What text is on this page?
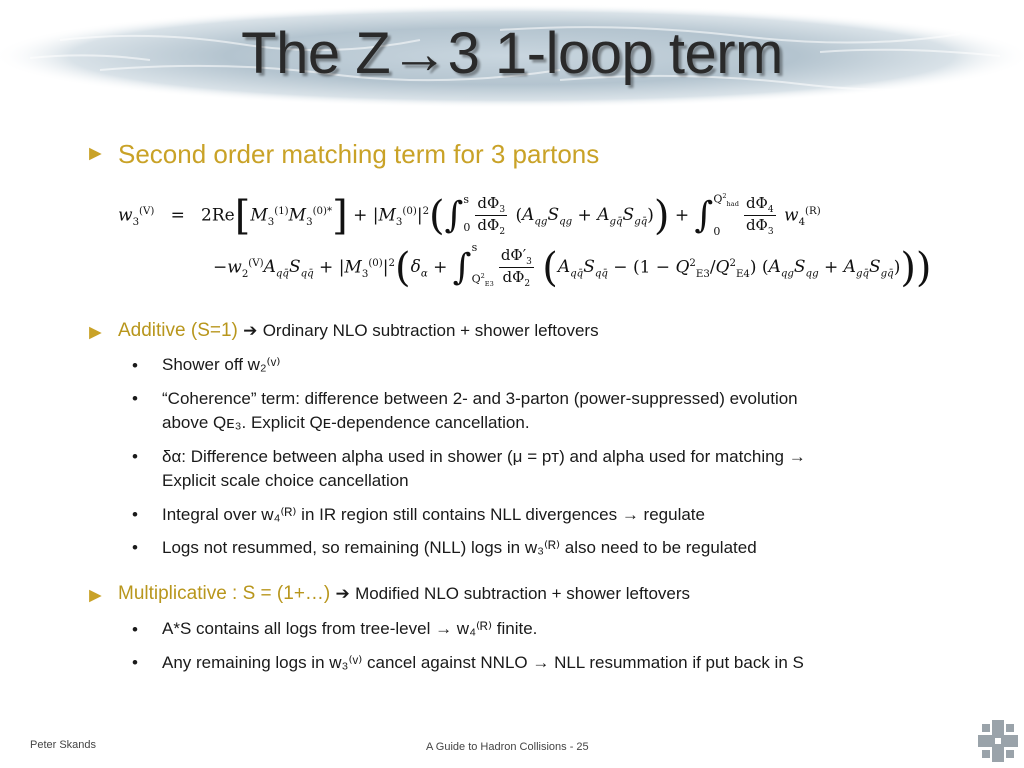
The Z→3 1-loop term
► Second order matching term for 3 partons
$w_3^{(V)} = 2Re[M_3^{(1)}M_3^{(0)*}] + |M_3^{(0)}|^2(\int s$
$0 \frac{d\Phi_3}{d\Phi_2} (A_{qg}S_{qg} + A_{gq̄}S_{gq̄})) + \int Q^2_{had}$
$0 \frac{d\Phi_4}{d\Phi_3} w_4^{(R)}$
$-w_2^{(V)}A_{qq̄}S_{qq̄} + |M_3^{(0)}|^2(\delta_\alpha + \int s$
$Q^2_{E3} \frac{d\Phi'_3}{d\Phi_2} (A_{qq̄}S_{qq̄} - (1 - Q^2_{E3}/Q^2_{E4}) (A_{qg}S_{qg} + A_{gq̄}S_{gq̄}))$)
► Additive (S=1) ➔ Ordinary NLO subtraction + shower leftovers
• Shower off w₂⁽ᵛ⁾
• “Coherence” term: difference between 2- and 3-parton (power-suppressed) evolution
above Qᴇ₃. Explicit Qᴇ-dependence cancellation.
• δα: Difference between alpha used in shower (μ = pᴛ) and alpha used for matching →
Explicit scale choice cancellation
• Integral over w₄⁽ᴿ⁾ in IR region still contains NLL divergences → regulate
• Logs not resummed, so remaining (NLL) logs in w₃⁽ᴿ⁾ also need to be regulated
► Multiplicative : S = (1+…) ➔ Modified NLO subtraction + shower leftovers
• A*S contains all logs from tree-level → w₄⁽ᴿ⁾ finite.
• Any remaining logs in w₃⁽ᵛ⁾ cancel against NNLO → NLL resummation if put back in S
Peter Skands	A Guide to Hadron Collisions - 25
